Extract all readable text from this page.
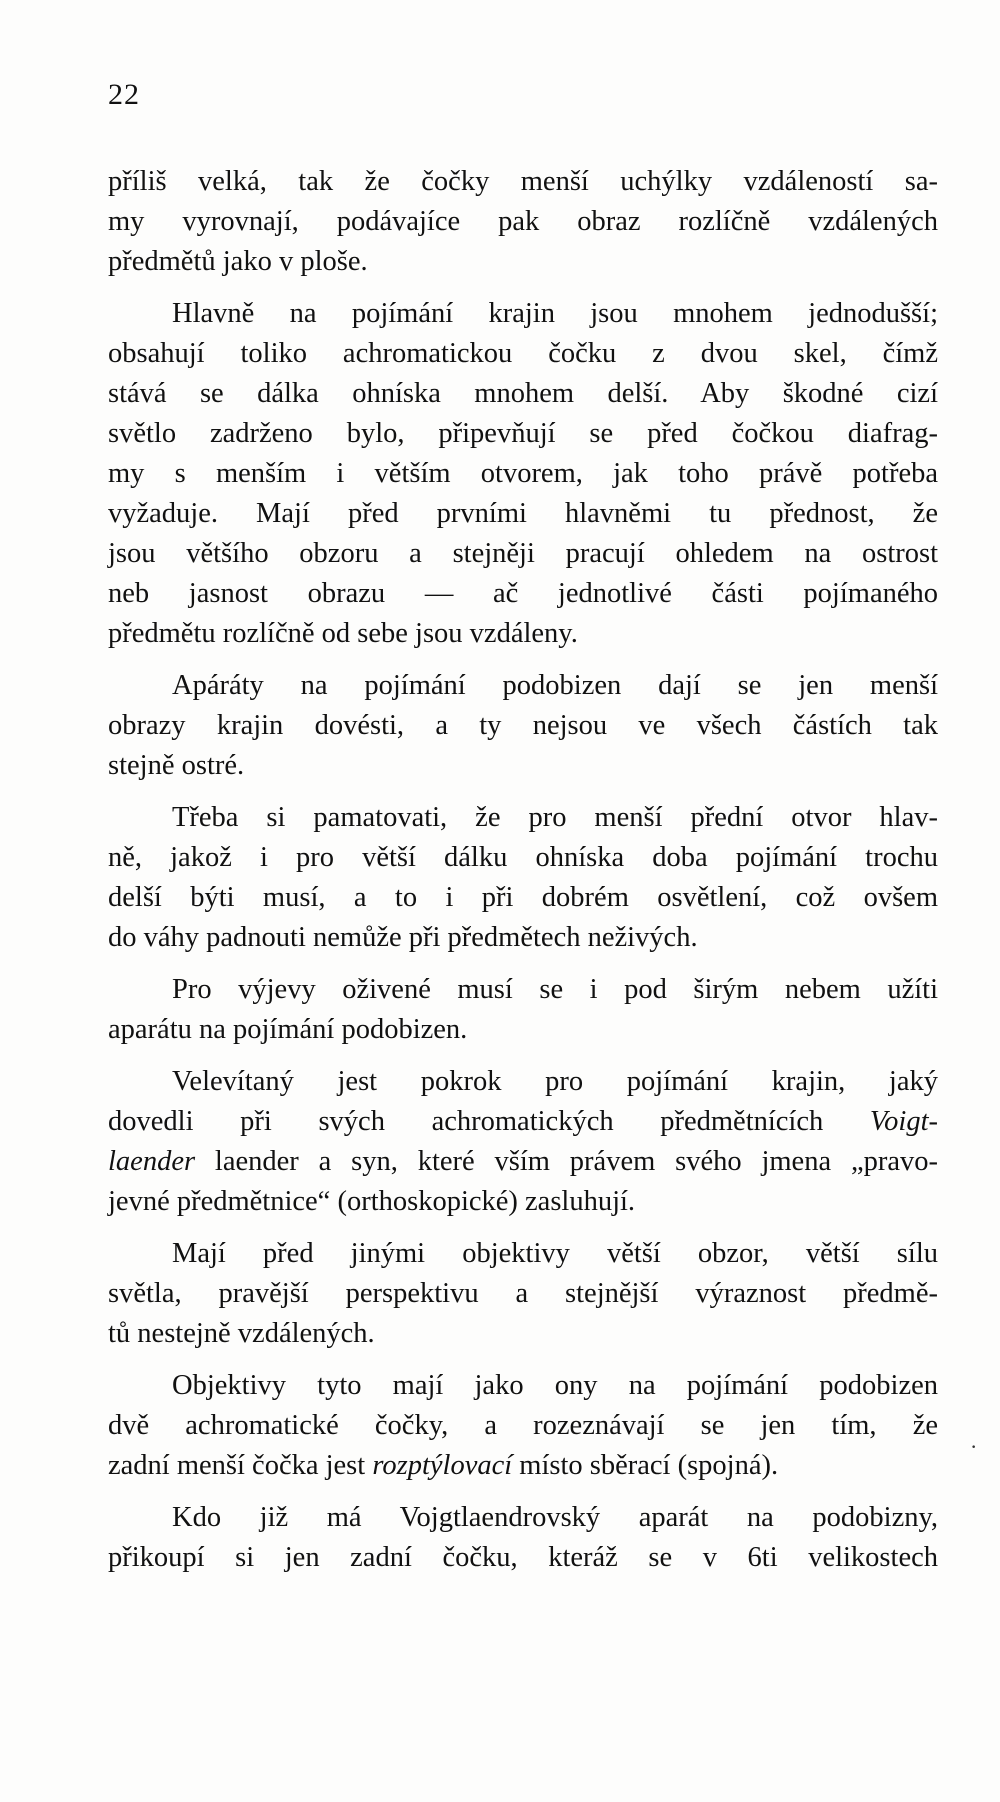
22
příliš velká, tak že čočky menší uchýlky vzdáleností sa-
my vyrovnají, podávajíce pak obraz rozlíčně vzdálených
předmětů jako v ploše.
Hlavně na pojímání krajin jsou mnohem jednodušší;
obsahují toliko achromatickou čočku z dvou skel, čímž
stává se dálka ohníska mnohem delší. Aby škodné cizí
světlo zadrženo bylo, připevňují se před čočkou diafrag-
my s menším i větším otvorem, jak toho právě potřeba
vyžaduje. Mají před prvními hlavněmi tu přednost, že
jsou většího obzoru a stejněji pracují ohledem na ostrost
neb jasnost obrazu — ač jednotlivé části pojímaného
předmětu rozlíčně od sebe jsou vzdáleny.
Apáráty na pojímání podobizen dají se jen menší
obrazy krajin dovésti, a ty nejsou ve všech částích tak
stejně ostré.
Třeba si pamatovati, že pro menší přední otvor hlav-
ně, jakož i pro větší dálku ohníska doba pojímání trochu
delší býti musí, a to i při dobrém osvětlení, což ovšem
do váhy padnouti nemůže při předmětech neživých.
Pro výjevy oživené musí se i pod širým nebem užíti
aparátu na pojímání podobizen.
Velevítaný jest pokrok pro pojímání krajin, jaký
dovedli při svých achromatických předmětnících Voigt-
laender laender a syn, které vším právem svého jmena „pravo-
jevné předmětnice“ (orthoskopické) zasluhují.
Mají před jinými objektivy větší obzor, větší sílu
světla, pravější perspektivu a stejnější výraznost předmě-
tů nestejně vzdálených.
Objektivy tyto mají jako ony na pojímání podobizen
dvě achromatické čočky, a rozeznávají se jen tím, že
zadní menší čočka jest rozptýlovací místo sběrací (spojná).
Kdo již má Vojgtlaendrovský aparát na podobizny,
přikoupí si jen zadní čočku, kteráž se v 6ti velikostech
·
